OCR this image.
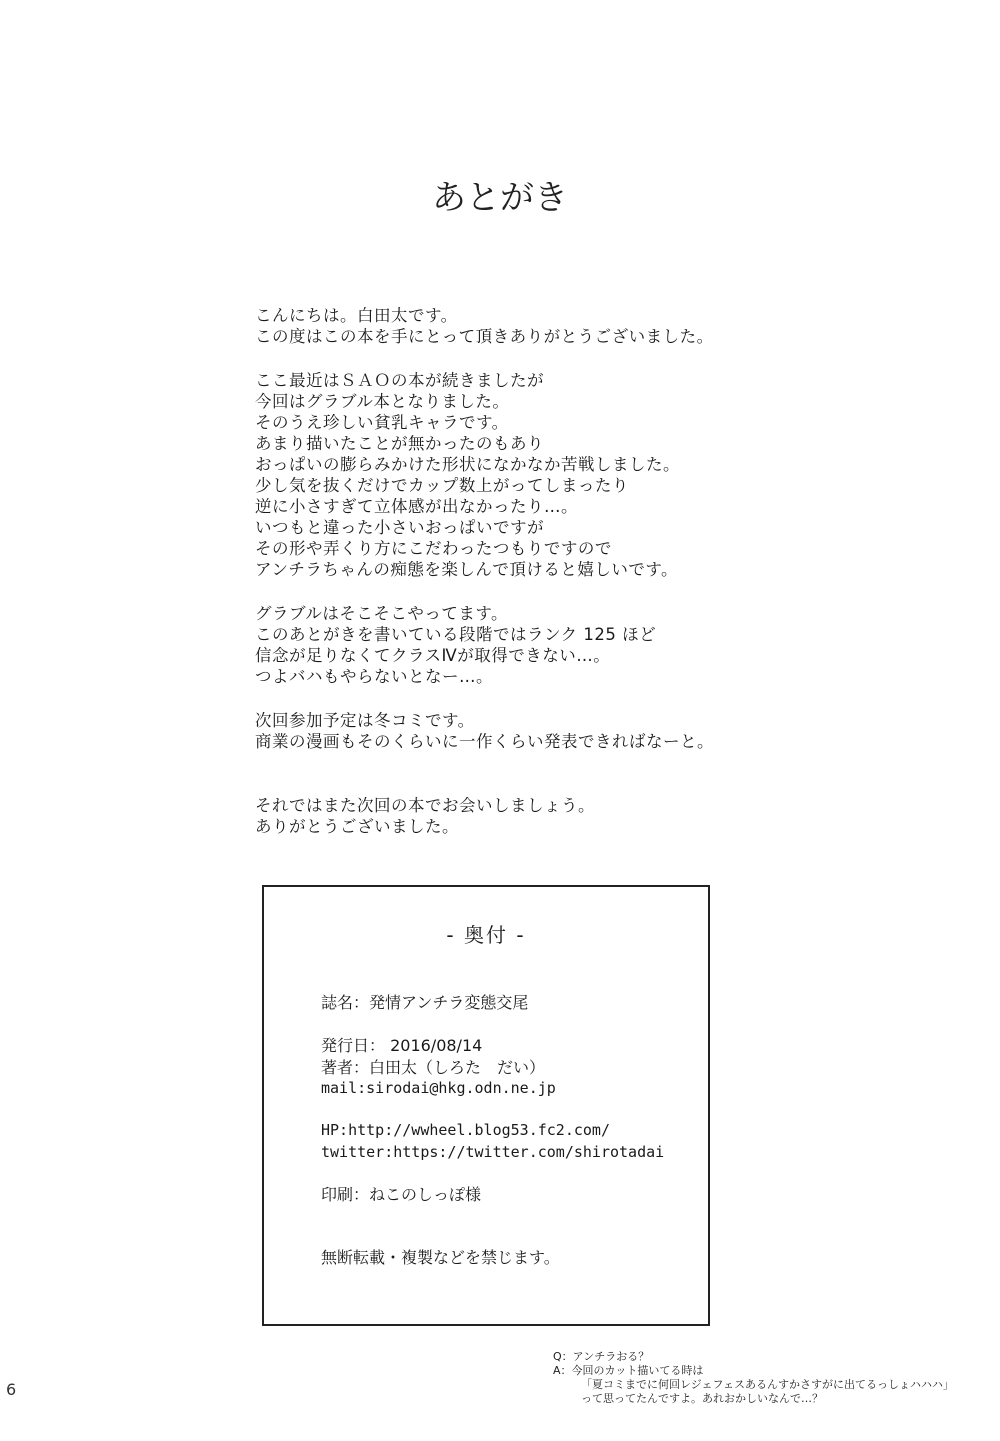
あとがき
こんにちは。白田太です。
この度はこの本を手にとって頂きありがとうございました。
ここ最近はＳＡＯの本が続きましたが
今回はグラブル本となりました。
そのうえ珍しい貧乳キャラです。
あまり描いたことが無かったのもあり
おっぱいの膨らみかけた形状になかなか苦戦しました。
少し気を抜くだけでカップ数上がってしまったり
逆に小さすぎて立体感が出なかったり…。
いつもと違った小さいおっぱいですが
その形や弄くり方にこだわったつもりですので
アンチラちゃんの痴態を楽しんで頂けると嬉しいです。
グラブルはそこそこやってます。
このあとがきを書いている段階ではランク 125 ほど
信念が足りなくてクラスⅣが取得できない…。
つよバハもやらないとなー…。
次回参加予定は冬コミです。
商業の漫画もそのくらいに一作くらい発表できればなーと。
それではまた次回の本でお会いしましょう。
ありがとうございました。
- 奥付 -
誌名：発情アンチラ変態交尾
発行日： 2016/08/14
著者：白田太（しろた　だい）
mail:sirodai@hkg.odn.ne.jp
HP:http://wwheel.blog53.fc2.com/
twitter:https://twitter.com/shirotadai
印刷：ねこのしっぽ様
無断転載・複製などを禁じます。
6
Q：アンチラおる？
A：今回のカット描いてる時は
「夏コミまでに何回レジェフェスあるんすかさすがに出てるっしょハハハ」
って思ってたんですよ。あれおかしいなんで…？
